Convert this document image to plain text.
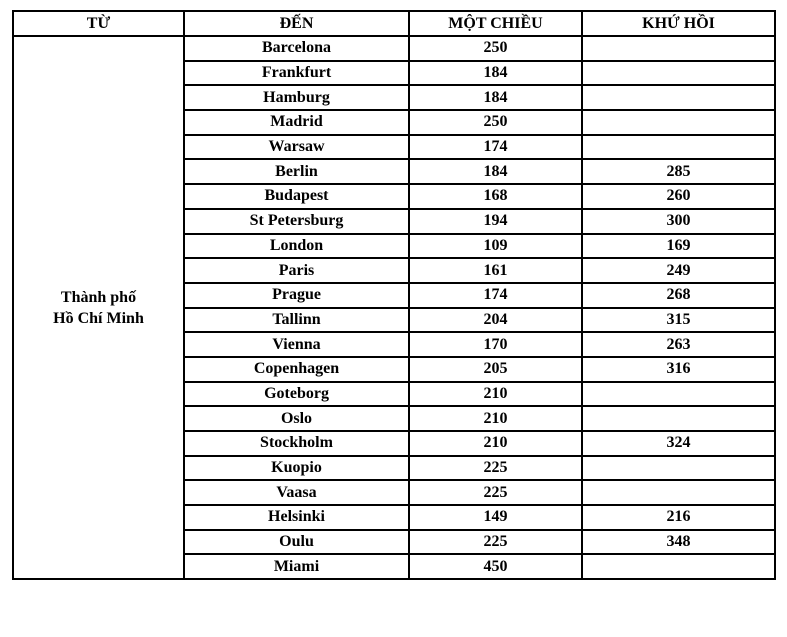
TỪ	ĐẾN	MỘT CHIỀU	KHỨ HỒI

Thành phố
Hồ Chí Minh	Barcelona	250	
	Frankfurt	184	
	Hamburg	184	
	Madrid	250	
	Warsaw	174	
	Berlin	184	285
	Budapest	168	260
	St Petersburg	194	300
	London	109	169
	Paris	161	249
	Prague	174	268
	Tallinn	204	315
	Vienna	170	263
	Copenhagen	205	316
	Goteborg	210	
	Oslo	210	
	Stockholm	210	324
	Kuopio	225	
	Vaasa	225	
	Helsinki	149	216
	Oulu	225	348
	Miami	450	
